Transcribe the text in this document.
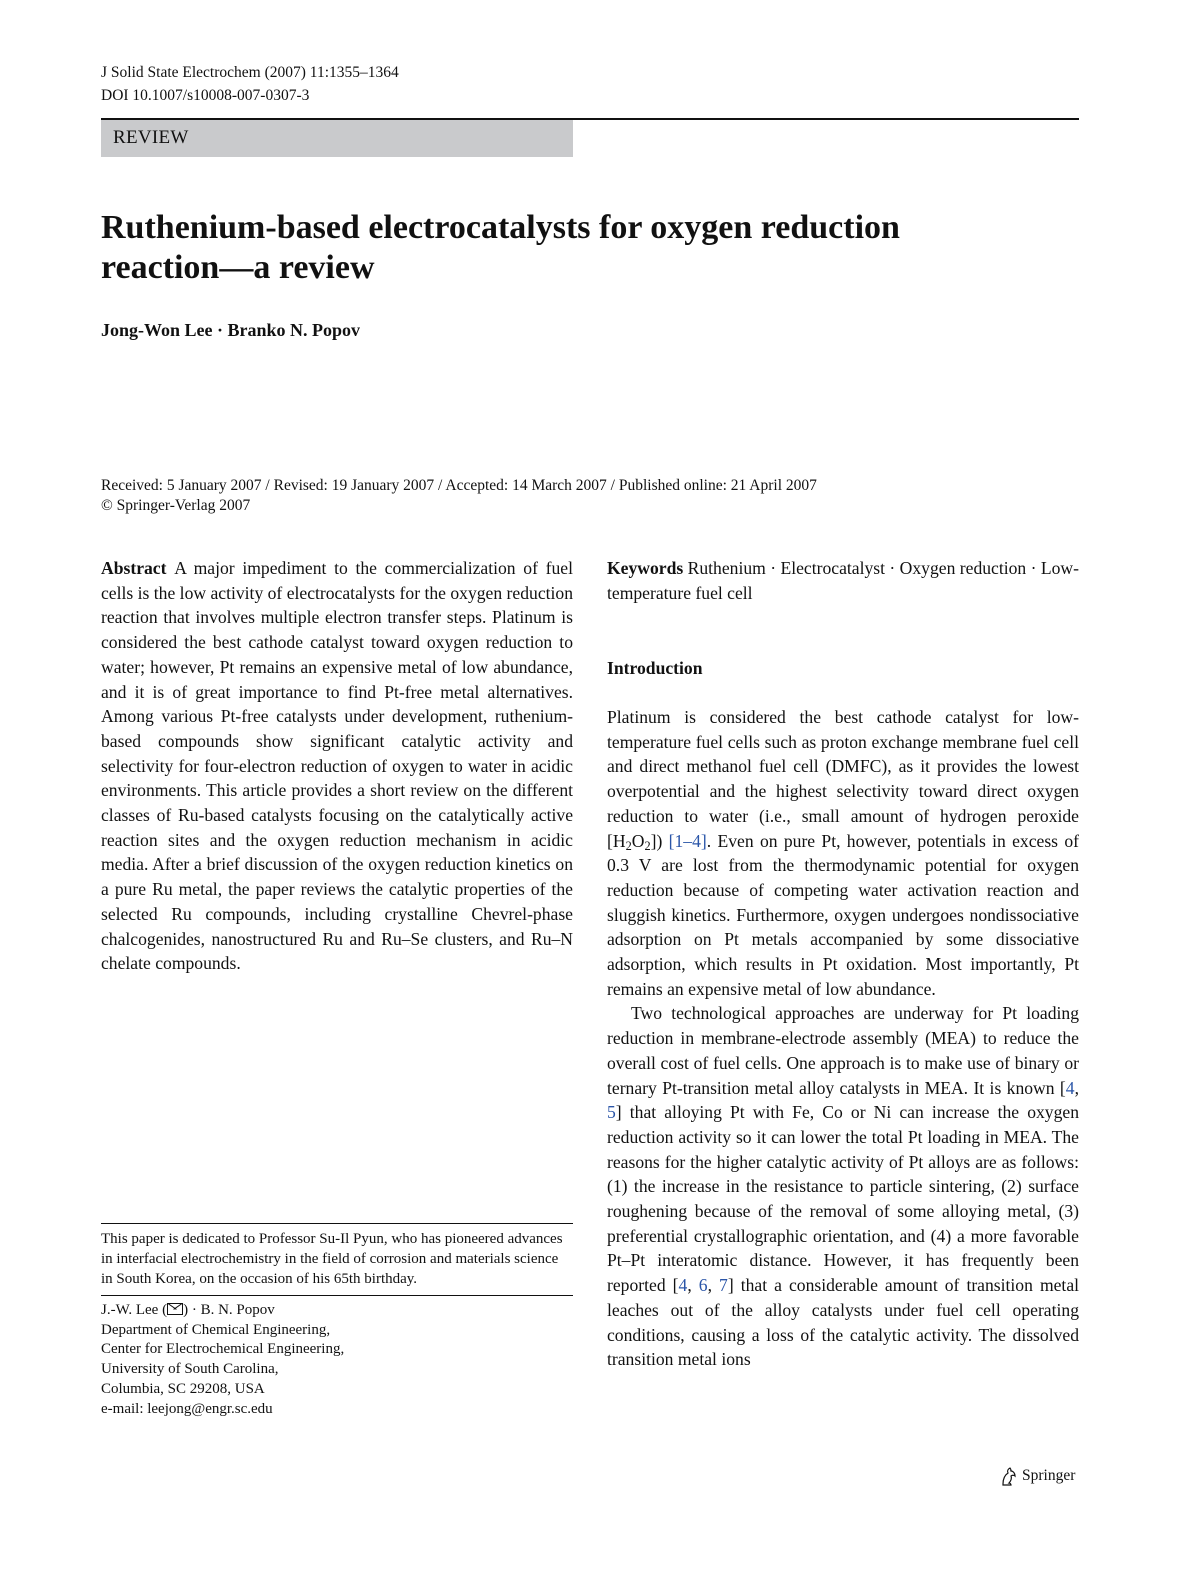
J Solid State Electrochem (2007) 11:1355–1364
DOI 10.1007/s10008-007-0307-3
REVIEW
Ruthenium-based electrocatalysts for oxygen reduction
reaction—a review
Jong-Won Lee · Branko N. Popov
Received: 5 January 2007 / Revised: 19 January 2007 / Accepted: 14 March 2007 / Published online: 21 April 2007
© Springer-Verlag 2007

Abstract A major impediment to the commercialization of fuel cells is the low activity of electrocatalysts for the oxygen reduction reaction that involves multiple electron transfer steps. Platinum is considered the best cathode catalyst toward oxygen reduction to water; however, Pt remains an expensive metal of low abundance, and it is of great importance to find Pt-free metal alternatives. Among various Pt-free catalysts under development, ruthenium-based compounds show significant catalytic activity and selectivity for four-electron reduction of oxygen to water in acidic environments. This article provides a short review on the different classes of Ru-based catalysts focusing on the catalytically active reaction sites and the oxygen reduction mechanism in acidic media. After a brief discussion of the oxygen reduction kinetics on a pure Ru metal, the paper reviews the catalytic properties of the selected Ru compounds, including crystalline Chevrel-phase chalcogenides, nanostructured Ru and Ru–Se clusters, and Ru–N chelate compounds.

This paper is dedicated to Professor Su-Il Pyun, who has pioneered advances in interfacial electrochemistry in the field of corrosion and materials science in South Korea, on the occasion of his 65th birthday.
J.-W. Lee ( ) · B. N. Popov
Department of Chemical Engineering,
Center for Electrochemical Engineering,
University of South Carolina,
Columbia, SC 29208, USA
e-mail: leejong@engr.sc.edu
Keywords Ruthenium · Electrocatalyst · Oxygen reduction · Low-temperature fuel cell
Introduction

Platinum is considered the best cathode catalyst for low-temperature fuel cells such as proton exchange membrane fuel cell and direct methanol fuel cell (DMFC), as it provides the lowest overpotential and the highest selectivity toward direct oxygen reduction to water (i.e., small amount of hydrogen peroxide $[H_2O_2]$) [1–4]. Even on pure Pt, however, potentials in excess of 0.3 V are lost from the thermodynamic potential for oxygen reduction because of competing water activation reaction and sluggish kinetics. Furthermore, oxygen undergoes nondissociative adsorption on Pt metals accompanied by some dissociative adsorption, which results in Pt oxidation. Most importantly, Pt remains an expensive metal of low abundance.

Two technological approaches are underway for Pt loading reduction in membrane-electrode assembly (MEA) to reduce the overall cost of fuel cells. One approach is to make use of binary or ternary Pt-transition metal alloy catalysts in MEA. It is known [4, 5] that alloying Pt with Fe, Co or Ni can increase the oxygen reduction activity so it can lower the total Pt loading in MEA. The reasons for the higher catalytic activity of Pt alloys are as follows: (1) the increase in the resistance to particle sintering, (2) surface roughening because of the removal of some alloying metal, (3) preferential crystallographic orientation, and (4) a more favorable Pt–Pt interatomic distance. However, it has frequently been reported [4, 6, 7] that a considerable amount of transition metal leaches out of the alloy catalysts under fuel cell operating conditions, causing a loss of the catalytic activity. The dissolved transition metal ions

Springer
